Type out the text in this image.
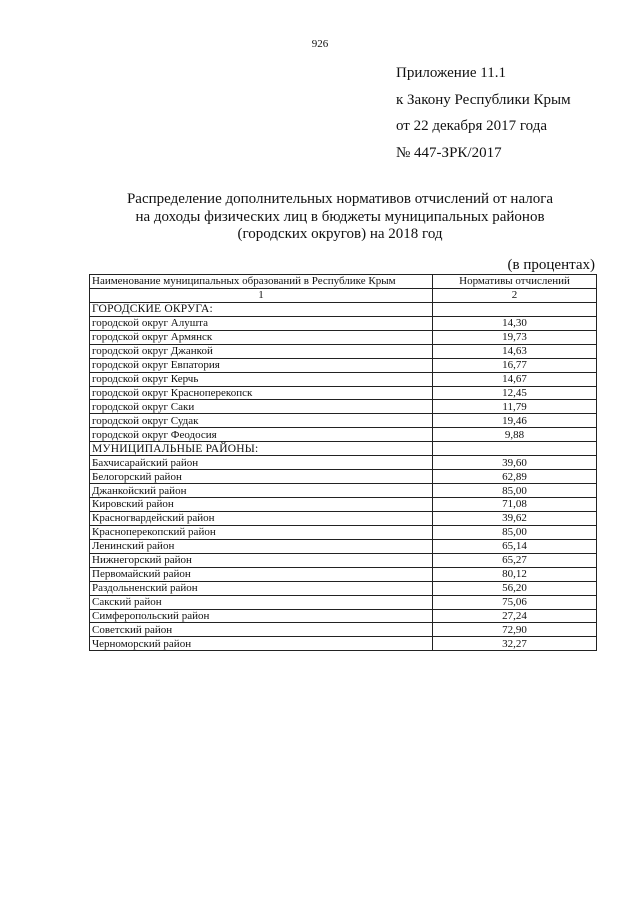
926
Приложение 11.1
к Закону Республики Крым
от 22 декабря 2017 года
№ 447-ЗРК/2017
Распределение дополнительных нормативов отчислений от налога
на доходы физических лиц в бюджеты муниципальных районов
(городских округов) на 2018 год
(в процентах)
Наименование муниципальных образований в Республике Крым	Нормативы отчислений
1	2
ГОРОДСКИЕ ОКРУГА:	
городской округ Алушта	14,30
городской округ Армянск	19,73
городской округ Джанкой	14,63
городской округ Евпатория	16,77
городской округ Керчь	14,67
городской округ Красноперекопск	12,45
городской округ Саки	11,79
городской округ Судак	19,46
городской округ Феодосия	9,88
МУНИЦИПАЛЬНЫЕ РАЙОНЫ:	
Бахчисарайский район	39,60
Белогорский район	62,89
Джанкойский район	85,00
Кировский район	71,08
Красногвардейский район	39,62
Красноперекопский район	85,00
Ленинский район	65,14
Нижнегорский район	65,27
Первомайский район	80,12
Раздольненский район	56,20
Сакский район	75,06
Симферопольский район	27,24
Советский район	72,90
Черноморский район	32,27
